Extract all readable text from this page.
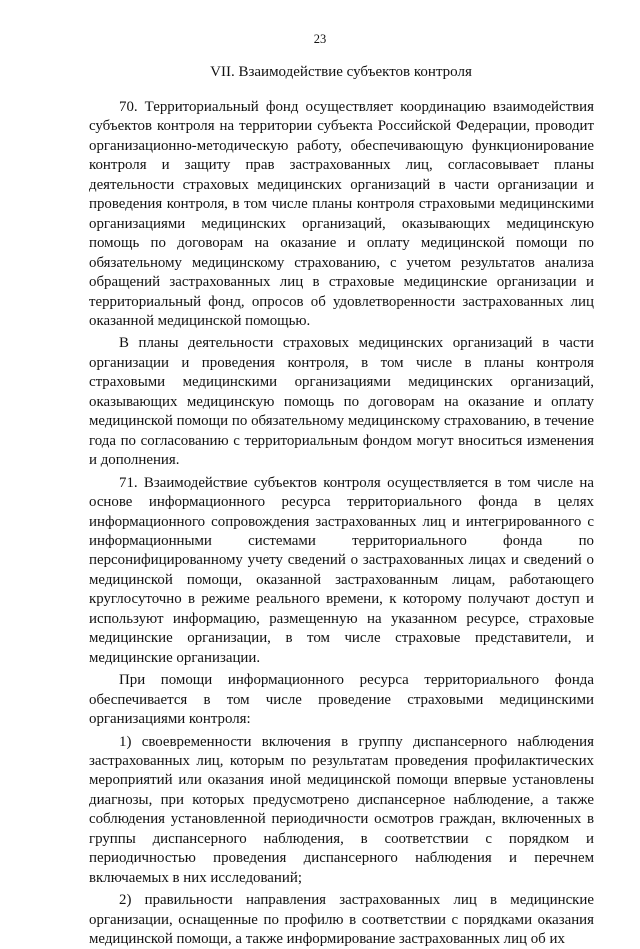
23
VII. Взаимодействие субъектов контроля

70. Территориальный фонд осуществляет координацию взаимодействия субъектов контроля на территории субъекта Российской Федерации, проводит организационно-методическую работу, обеспечивающую функционирование контроля и защиту прав застрахованных лиц, согласовывает планы деятельности страховых медицинских организаций в части организации и проведения контроля, в том числе планы контроля страховыми медицинскими организациями медицинских организаций, оказывающих медицинскую помощь по договорам на оказание и оплату медицинской помощи по обязательному медицинскому страхованию, с учетом результатов анализа обращений застрахованных лиц в страховые медицинские организации и территориальный фонд, опросов об удовлетворенности застрахованных лиц оказанной медицинской помощью.

В планы деятельности страховых медицинских организаций в части организации и проведения контроля, в том числе в планы контроля страховыми медицинскими организациями медицинских организаций, оказывающих медицинскую помощь по договорам на оказание и оплату медицинской помощи по обязательному медицинскому страхованию, в течение года по согласованию с территориальным фондом могут вноситься изменения и дополнения.

71. Взаимодействие субъектов контроля осуществляется в том числе на основе информационного ресурса территориального фонда в целях информационного сопровождения застрахованных лиц и интегрированного с информационными системами территориального фонда по персонифицированному учету сведений о застрахованных лицах и сведений о медицинской помощи, оказанной застрахованным лицам, работающего круглосуточно в режиме реального времени, к которому получают доступ и используют информацию, размещенную на указанном ресурсе, страховые медицинские организации, в том числе страховые представители, и медицинские организации.

При помощи информационного ресурса территориального фонда обеспечивается в том числе проведение страховыми медицинскими организациями контроля:

1) своевременности включения в группу диспансерного наблюдения застрахованных лиц, которым по результатам проведения профилактических мероприятий или оказания иной медицинской помощи впервые установлены диагнозы, при которых предусмотрено диспансерное наблюдение, а также соблюдения установленной периодичности осмотров граждан, включенных в группы диспансерного наблюдения, в соответствии с порядком и периодичностью проведения диспансерного наблюдения и перечнем включаемых в них исследований;

2) правильности направления застрахованных лиц в медицинские организации, оснащенные по профилю в соответствии с порядками оказания медицинской помощи, а также информирование застрахованных лиц об их
